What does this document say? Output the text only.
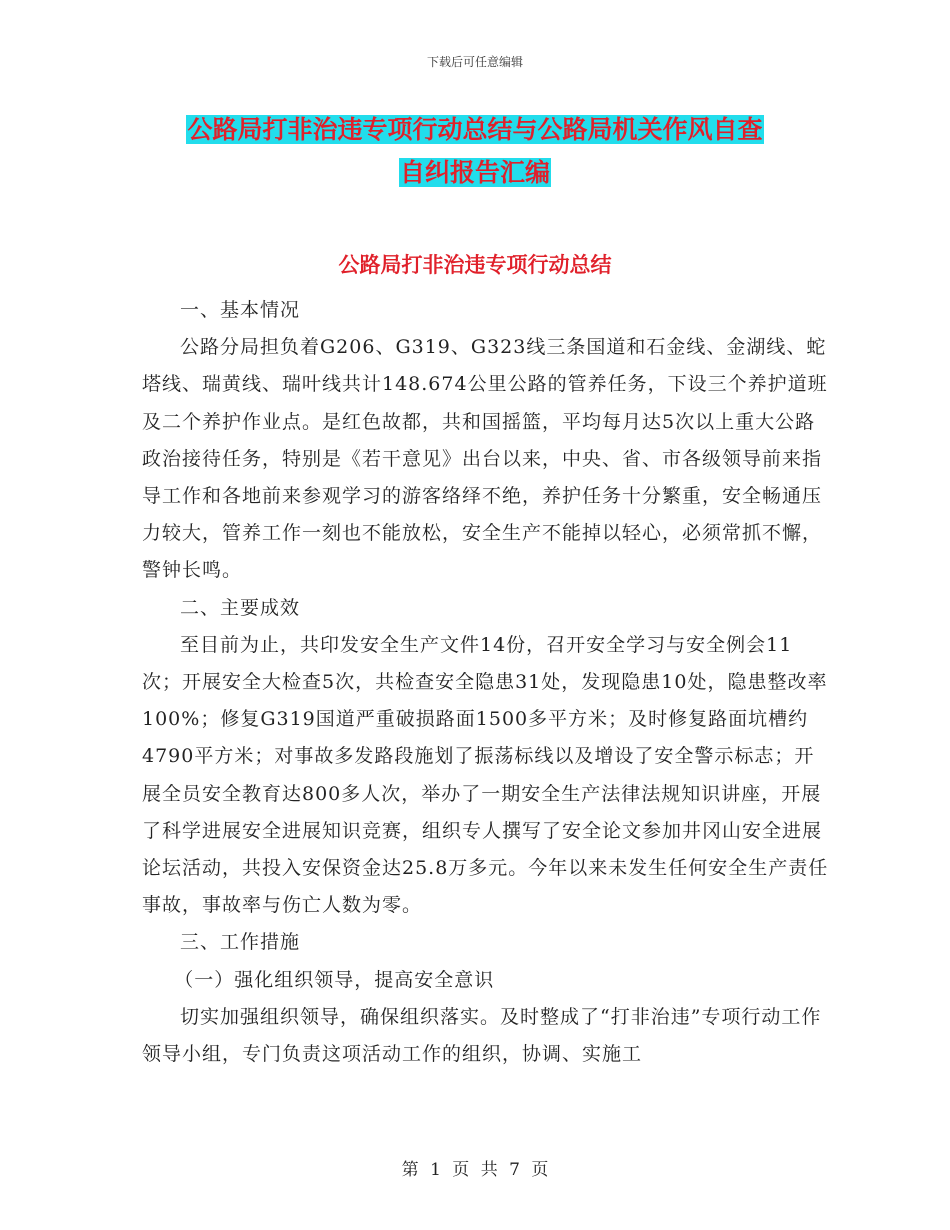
下载后可任意编辑
公路局打非治违专项行动总结与公路局机关作风自查
自纠报告汇编
公路局打非治违专项行动总结

一、基本情况

公路分局担负着G206、G319、G323线三条国道和石金线、金湖线、蛇塔线、瑞黄线、瑞叶线共计148.674公里公路的管养任务，下设三个养护道班及二个养护作业点。是红色故都，共和国摇篮，平均每月达5次以上重大公路政治接待任务，特别是《若干意见》出台以来，中央、省、市各级领导前来指导工作和各地前来参观学习的游客络绎不绝，养护任务十分繁重，安全畅通压力较大，管养工作一刻也不能放松，安全生产不能掉以轻心，必须常抓不懈，警钟长鸣。

二、主要成效

至目前为止，共印发安全生产文件14份，召开安全学习与安全例会11次；开展安全大检查5次，共检查安全隐患31处，发现隐患10处，隐患整改率100%；修复G319国道严重破损路面1500多平方米；及时修复路面坑槽约4790平方米；对事故多发路段施划了振荡标线以及增设了安全警示标志；开展全员安全教育达800多人次，举办了一期安全生产法律法规知识讲座，开展了科学进展安全进展知识竞赛，组织专人撰写了安全论文参加井冈山安全进展论坛活动，共投入安保资金达25.8万多元。今年以来未发生任何安全生产责任事故，事故率与伤亡人数为零。

三、工作措施

（一）强化组织领导，提高安全意识

切实加强组织领导，确保组织落实。及时整成了“打非治违”专项行动工作领导小组，专门负责这项活动工作的组织，协调、实施工

第 1 页 共 7 页
